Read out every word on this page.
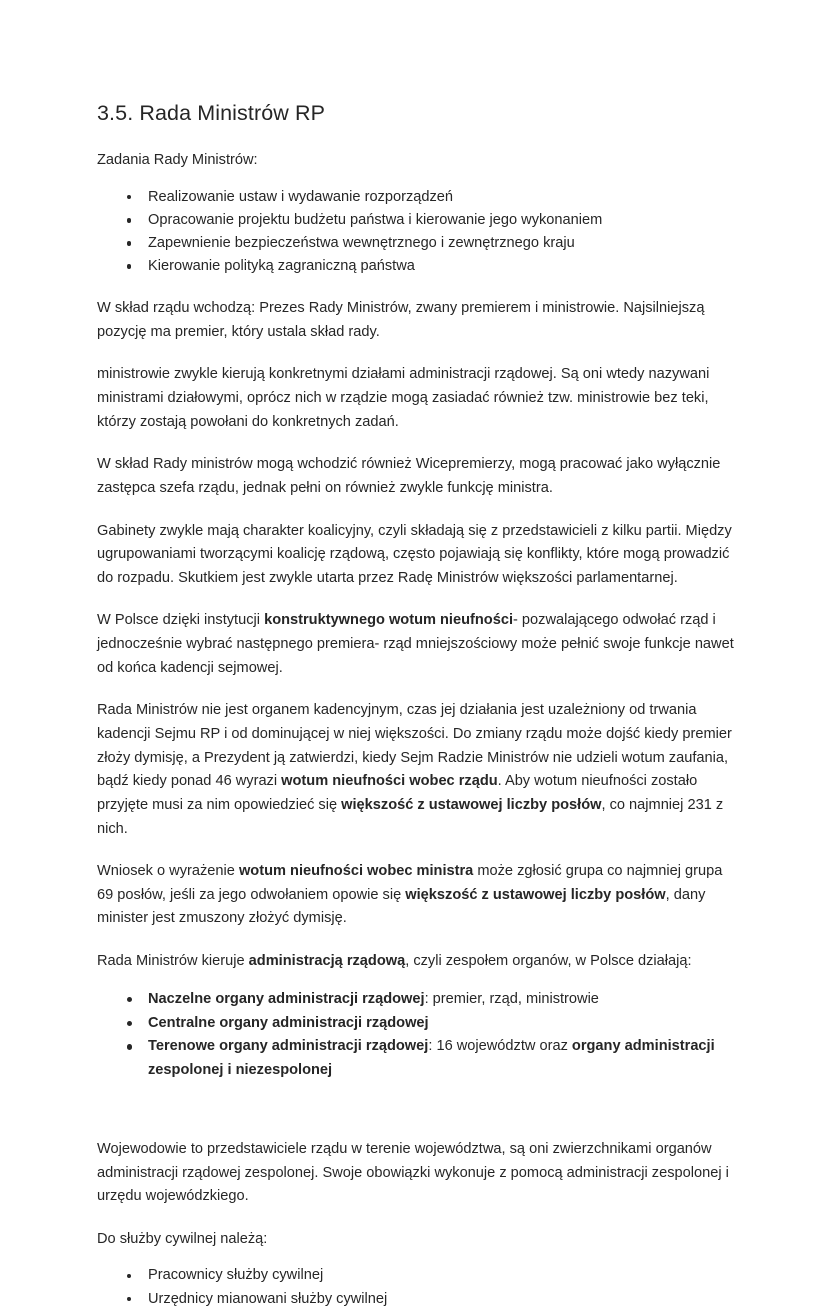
3.5. Rada Ministrów RP

Zadania Rady Ministrów:

Realizowanie ustaw i wydawanie rozporządzeń
Opracowanie projektu budżetu państwa i kierowanie jego wykonaniem
Zapewnienie bezpieczeństwa wewnętrznego i zewnętrznego kraju
Kierowanie polityką zagraniczną państwa

W skład rządu wchodzą: Prezes Rady Ministrów, zwany premierem i ministrowie. Najsilniejszą pozycję ma premier, który ustala skład rady.

ministrowie zwykle kierują konkretnymi działami administracji rządowej. Są oni wtedy nazywani ministrami działowymi, oprócz nich w rządzie mogą zasiadać również tzw. ministrowie bez teki, którzy zostają powołani do konkretnych zadań.

W skład Rady ministrów mogą wchodzić również Wicepremierzy, mogą pracować jako wyłącznie zastępca szefa rządu, jednak pełni on również zwykle funkcję ministra.

Gabinety zwykle mają charakter koalicyjny, czyli składają się z przedstawicieli z kilku partii. Między ugrupowaniami tworzącymi koalicję rządową, często pojawiają się konflikty, które mogą prowadzić do rozpadu. Skutkiem jest zwykle utarta przez Radę Ministrów większości parlamentarnej.

W Polsce dzięki instytucji konstruktywnego wotum nieufności- pozwalającego odwołać rząd i jednocześnie wybrać następnego premiera- rząd mniejszościowy może pełnić swoje funkcje nawet od końca kadencji sejmowej.

Rada Ministrów nie jest organem kadencyjnym, czas jej działania jest uzależniony od trwania kadencji Sejmu RP i od dominującej w niej większości. Do zmiany rządu może dojść kiedy premier złoży dymisję, a Prezydent ją zatwierdzi, kiedy Sejm Radzie Ministrów nie udzieli wotum zaufania, bądź kiedy ponad 46 wyrazi wotum nieufności wobec rządu. Aby wotum nieufności zostało przyjęte musi za nim opowiedzieć się większość z ustawowej liczby posłów, co najmniej 231 z nich.

Wniosek o wyrażenie wotum nieufności wobec ministra może zgłosić grupa co najmniej grupa 69 posłów, jeśli za jego odwołaniem opowie się większość z ustawowej liczby posłów, dany minister jest zmuszony złożyć dymisję.

Rada Ministrów kieruje administracją rządową, czyli zespołem organów, w Polsce działają:

Naczelne organy administracji rządowej: premier, rząd, ministrowie
Centralne organy administracji rządowej
Terenowe organy administracji rządowej: 16 województw oraz organy administracji zespolonej i niezespolonej

Wojewodowie to przedstawiciele rządu w terenie województwa, są oni zwierzchnikami organów administracji rządowej zespolonej. Swoje obowiązki wykonuje z pomocą administracji zespolonej i urzędu wojewódzkiego.

Do służby cywilnej należą:

Pracownicy służby cywilnej
Urzędnicy mianowani służby cywilnej
